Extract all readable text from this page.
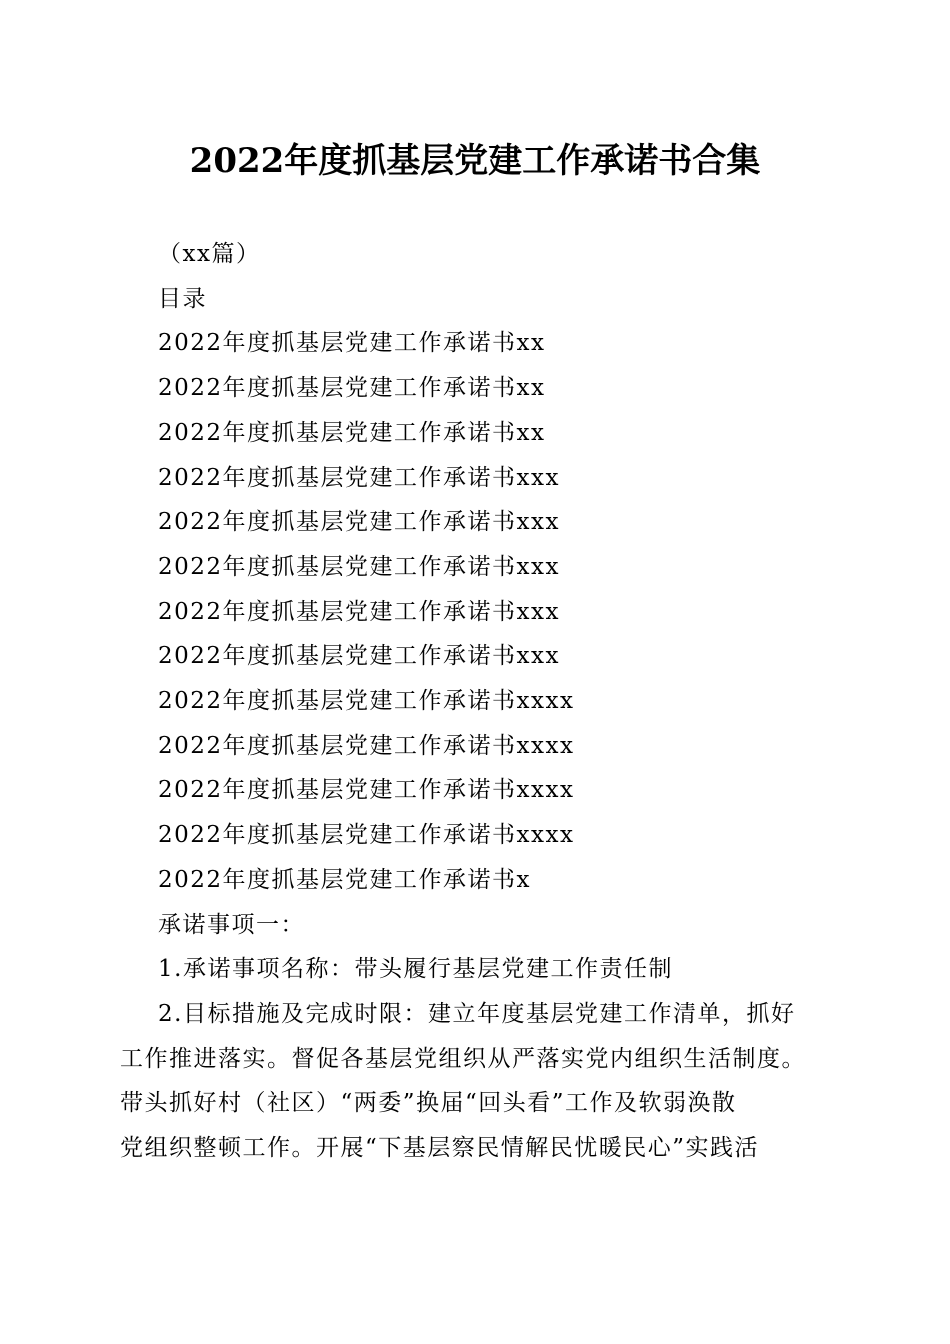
2022年度抓基层党建工作承诺书合集
（xx篇）
目录
2022年度抓基层党建工作承诺书xx
2022年度抓基层党建工作承诺书xx
2022年度抓基层党建工作承诺书xx
2022年度抓基层党建工作承诺书xxx
2022年度抓基层党建工作承诺书xxx
2022年度抓基层党建工作承诺书xxx
2022年度抓基层党建工作承诺书xxx
2022年度抓基层党建工作承诺书xxx
2022年度抓基层党建工作承诺书xxxx
2022年度抓基层党建工作承诺书xxxx
2022年度抓基层党建工作承诺书xxxx
2022年度抓基层党建工作承诺书xxxx
2022年度抓基层党建工作承诺书x
承诺事项一：
1.承诺事项名称：带头履行基层党建工作责任制
2.目标措施及完成时限：建立年度基层党建工作清单，抓好
工作推进落实。督促各基层党组织从严落实党内组织生活制度。
带头抓好村（社区）“两委”换届“回头看”工作及软弱涣散
党组织整顿工作。开展“下基层察民情解民忧暖民心”实践活
